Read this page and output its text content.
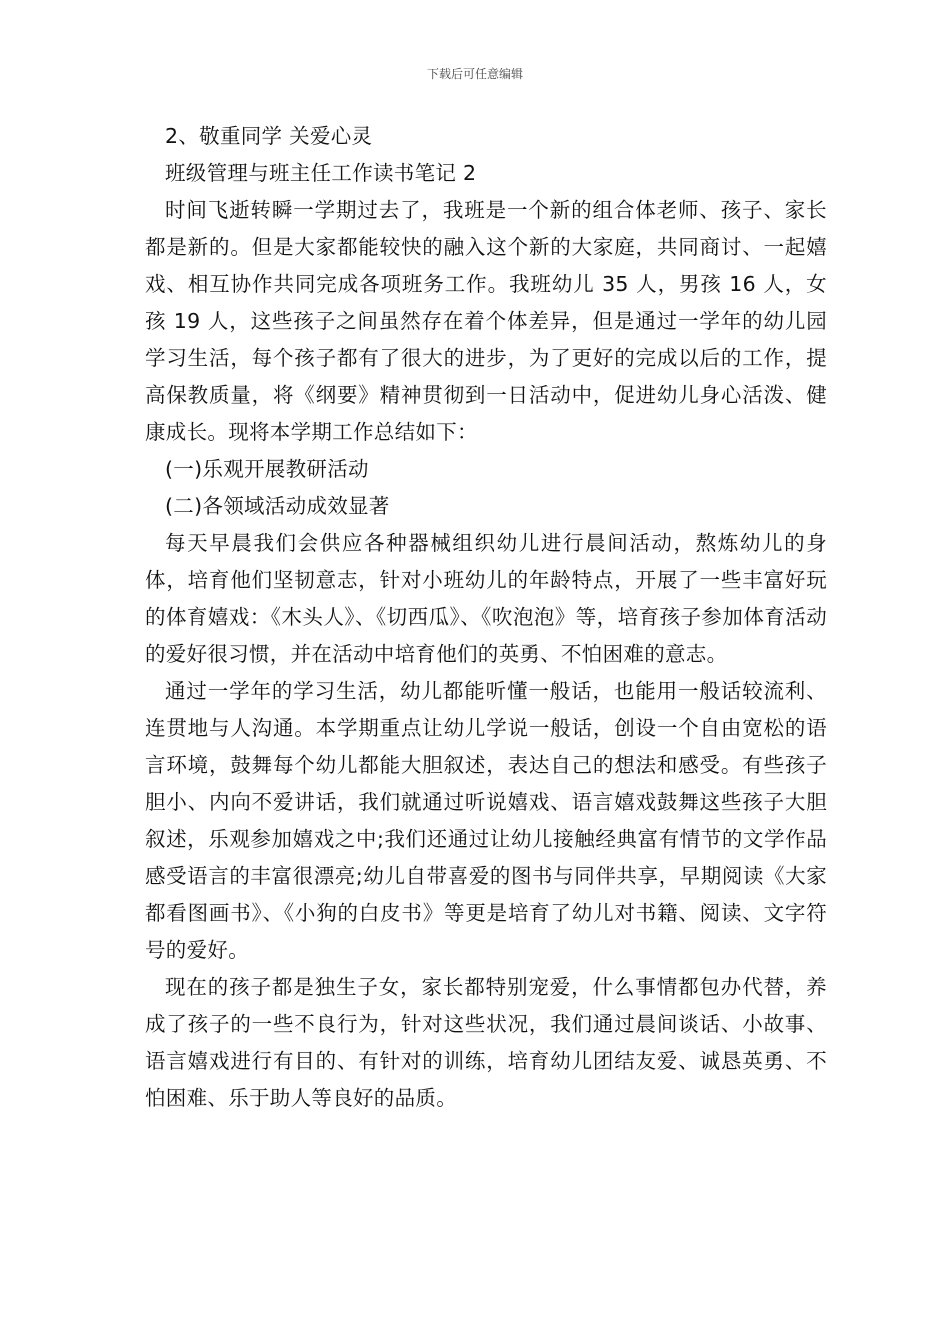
下载后可任意编辑

2、敬重同学 关爱心灵

班级管理与班主任工作读书笔记 2

时间飞逝转瞬一学期过去了，我班是一个新的组合体老师、孩子、家长都是新的。但是大家都能较快的融入这个新的大家庭，共同商讨、一起嬉戏、相互协作共同完成各项班务工作。我班幼儿 35 人，男孩 16 人，女孩 19 人，这些孩子之间虽然存在着个体差异，但是通过一学年的幼儿园学习生活，每个孩子都有了很大的进步，为了更好的完成以后的工作，提高保教质量，将《纲要》精神贯彻到一日活动中，促进幼儿身心活泼、健康成长。现将本学期工作总结如下：

(一)乐观开展教研活动

(二)各领域活动成效显著

每天早晨我们会供应各种器械组织幼儿进行晨间活动，熬炼幼儿的身体，培育他们坚韧意志，针对小班幼儿的年龄特点，开展了一些丰富好玩的体育嬉戏：《木头人》、《切西瓜》、《吹泡泡》等，培育孩子参加体育活动的爱好很习惯，并在活动中培育他们的英勇、不怕困难的意志。

通过一学年的学习生活，幼儿都能听懂一般话，也能用一般话较流利、连贯地与人沟通。本学期重点让幼儿学说一般话，创设一个自由宽松的语言环境，鼓舞每个幼儿都能大胆叙述，表达自己的想法和感受。有些孩子胆小、内向不爱讲话，我们就通过听说嬉戏、语言嬉戏鼓舞这些孩子大胆叙述，乐观参加嬉戏之中;我们还通过让幼儿接触经典富有情节的文学作品感受语言的丰富很漂亮;幼儿自带喜爱的图书与同伴共享，早期阅读《大家都看图画书》、《小狗的白皮书》等更是培育了幼儿对书籍、阅读、文字符号的爱好。

现在的孩子都是独生子女，家长都特别宠爱，什么事情都包办代替，养成了孩子的一些不良行为，针对这些状况，我们通过晨间谈话、小故事、语言嬉戏进行有目的、有针对的训练，培育幼儿团结友爱、诚恳英勇、不怕困难、乐于助人等良好的品质。
